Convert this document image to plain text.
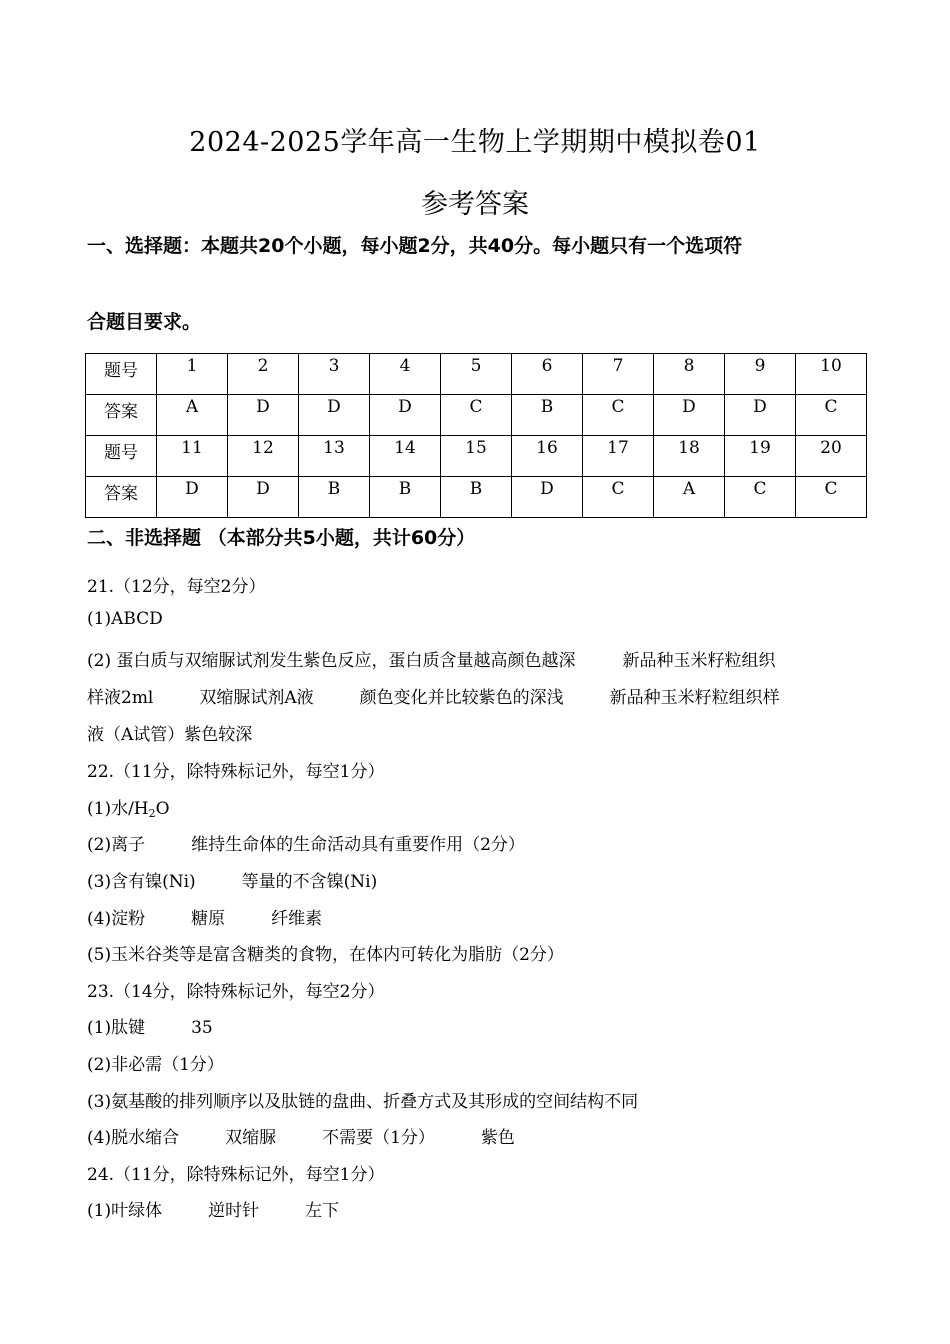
2024-2025学年高一生物上学期期中模拟卷01
参考答案
一、选择题：本题共20个小题，每小题2分，共40分。每小题只有一个选项符
合题目要求。
题号	1	2	3	4	5	6	7	8	9	10
答案	A	D	D	D	C	B	C	D	D	C
题号	11	12	13	14	15	16	17	18	19	20
答案	D	D	B	B	B	D	C	A	C	C
二、非选择题 （本部分共5小题，共计60分）
21.（12分，每空2分）
(1)ABCD
(2) 蛋白质与双缩脲试剂发生紫色反应，蛋白质含量越高颜色越深	新品种玉米籽粒组织
样液2ml	双缩脲试剂A液	颜色变化并比较紫色的深浅	新品种玉米籽粒组织样
液（A试管）紫色较深
22.（11分，除特殊标记外，每空1分）
(1)水$/H_2O$
(2)离子	维持生命体的生命活动具有重要作用（2分）
(3)含有镍(Ni)	等量的不含镍(Ni)
(4)淀粉	糖原	纤维素
(5)玉米谷类等是富含糖类的食物，在体内可转化为脂肪（2分）
23.（14分，除特殊标记外，每空2分）
(1)肽键	35
(2)非必需（1分）
(3)氨基酸的排列顺序以及肽链的盘曲、折叠方式及其形成的空间结构不同
(4)脱水缩合	双缩脲	不需要（1分）	紫色
24.（11分，除特殊标记外，每空1分）
(1)叶绿体	逆时针	左下
